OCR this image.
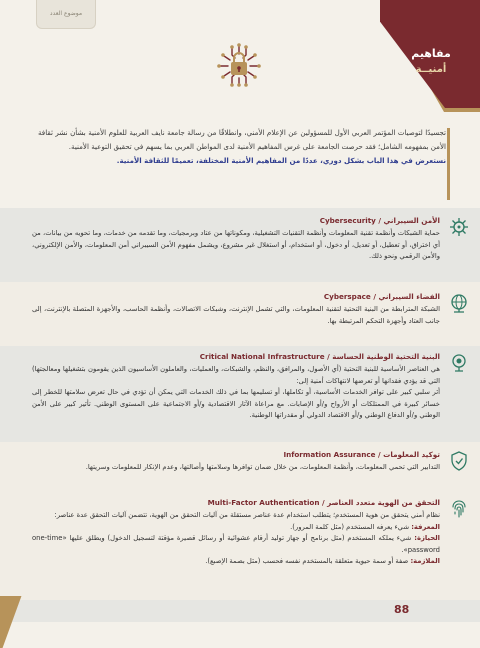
موضوع العدد
مفاهيم
أمنيــة
تجسيدًا لتوصيات المؤتمر العربي الأول للمسؤولين عن الإعلام الأمني، وانطلاقًا من رسالة جامعة نايف العربية للعلوم الأمنية بشأن نشر ثقافة الأمن بمفهومه الشامل؛ فقد حرصت الجامعة على غرس المفاهيم الأمنية لدى المواطن العربي بما يسهم في تحقيق التوعية الأمنية.
نستعرض في هذا الباب بشكل دوري، عددًا من المفاهيم الأمنية المختلفة، تعميمًا للثقافة الأمنية.
الأمن السيبراني / Cybersecurity
حماية الشبكات وأنظمة تقنية المعلومات وأنظمة التقنيات التشغيلية، ومكوناتها من عتاد وبرمجيات، وما تقدمه من خدمات، وما تحويه من بيانات، من أي اختراق، أو تعطيل، أو تعديل، أو دخول، أو استخدام، أو استغلال غير مشروع، ويشمل مفهوم الأمن السيبراني أمن المعلومات، والأمن الإلكتروني، والأمن الرقمي ونحو ذلك.
الفضاء السيبراني / Cyberspace
الشبكة المترابطة من البنية التحتية لتقنية المعلومات، والتي تشمل الإنترنت، وشبكات الاتصالات، وأنظمة الحاسب، والأجهزة المتصلة بالإنترنت، إلى جانب العتاد وأجهزة التحكم المرتبطة بها.
البنية التحتية الوطنية الحساسة / Critical National Infrastructure
هي العناصر الأساسية للبنية التحتية (أي الأصول، والمرافق، والنظم، والشبكات، والعمليات، والعاملون الأساسيون الذين يقومون بتشغيلها ومعالجتها) التي قد يؤدي فقدانها أو تعرضها لانتهاكات أمنية إلى:
أثر سلبي كبير على توافر الخدمات الأساسية، أو تكاملها، أو تسليمها بما في ذلك الخدمات التي يمكن أن تؤدي في حال تعرض سلامتها للخطر إلى خسائر كبيرة في الممتلكات أو الأرواح و/أو الإصابات. مع مراعاة الآثار الاقتصادية و/أو الاجتماعية على المستوى الوطني. تأثير كبير على الأمن الوطني و/أو الدفاع الوطني و/أو الاقتصاد الدولي أو مقدراتها الوطنية.
توكيد المعلومات / Information Assurance
التدابير التي تحمي المعلومات، وأنظمة المعلومات، من خلال ضمان توافرها وسلامتها وأصالتها، وعدم الإنكار للمعلومات وسريتها.
التحقق من الهوية متعدد العناصر / Multi-Factor Authentication
نظام أمني يتحقق من هوية المستخدم؛ يتطلب استخدام عدة عناصر مستقلة من آليات التحقق من الهوية، تتضمن آليات التحقق عدة عناصر:
المعرفة: شيء يعرفه المستخدم (مثل كلمة المرور).
الحيازة: شيء يملكه المستخدم (مثل برنامج أو جهاز توليد أرقام عشوائية أو رسائل قصيرة مؤقتة لتسجيل الدخول) ويطلق عليها «one-time password».
الملازمة: صفة أو سمة حيوية متعلقة بالمستخدم نفسه فحسب (مثل بصمة الإصبع).
88
